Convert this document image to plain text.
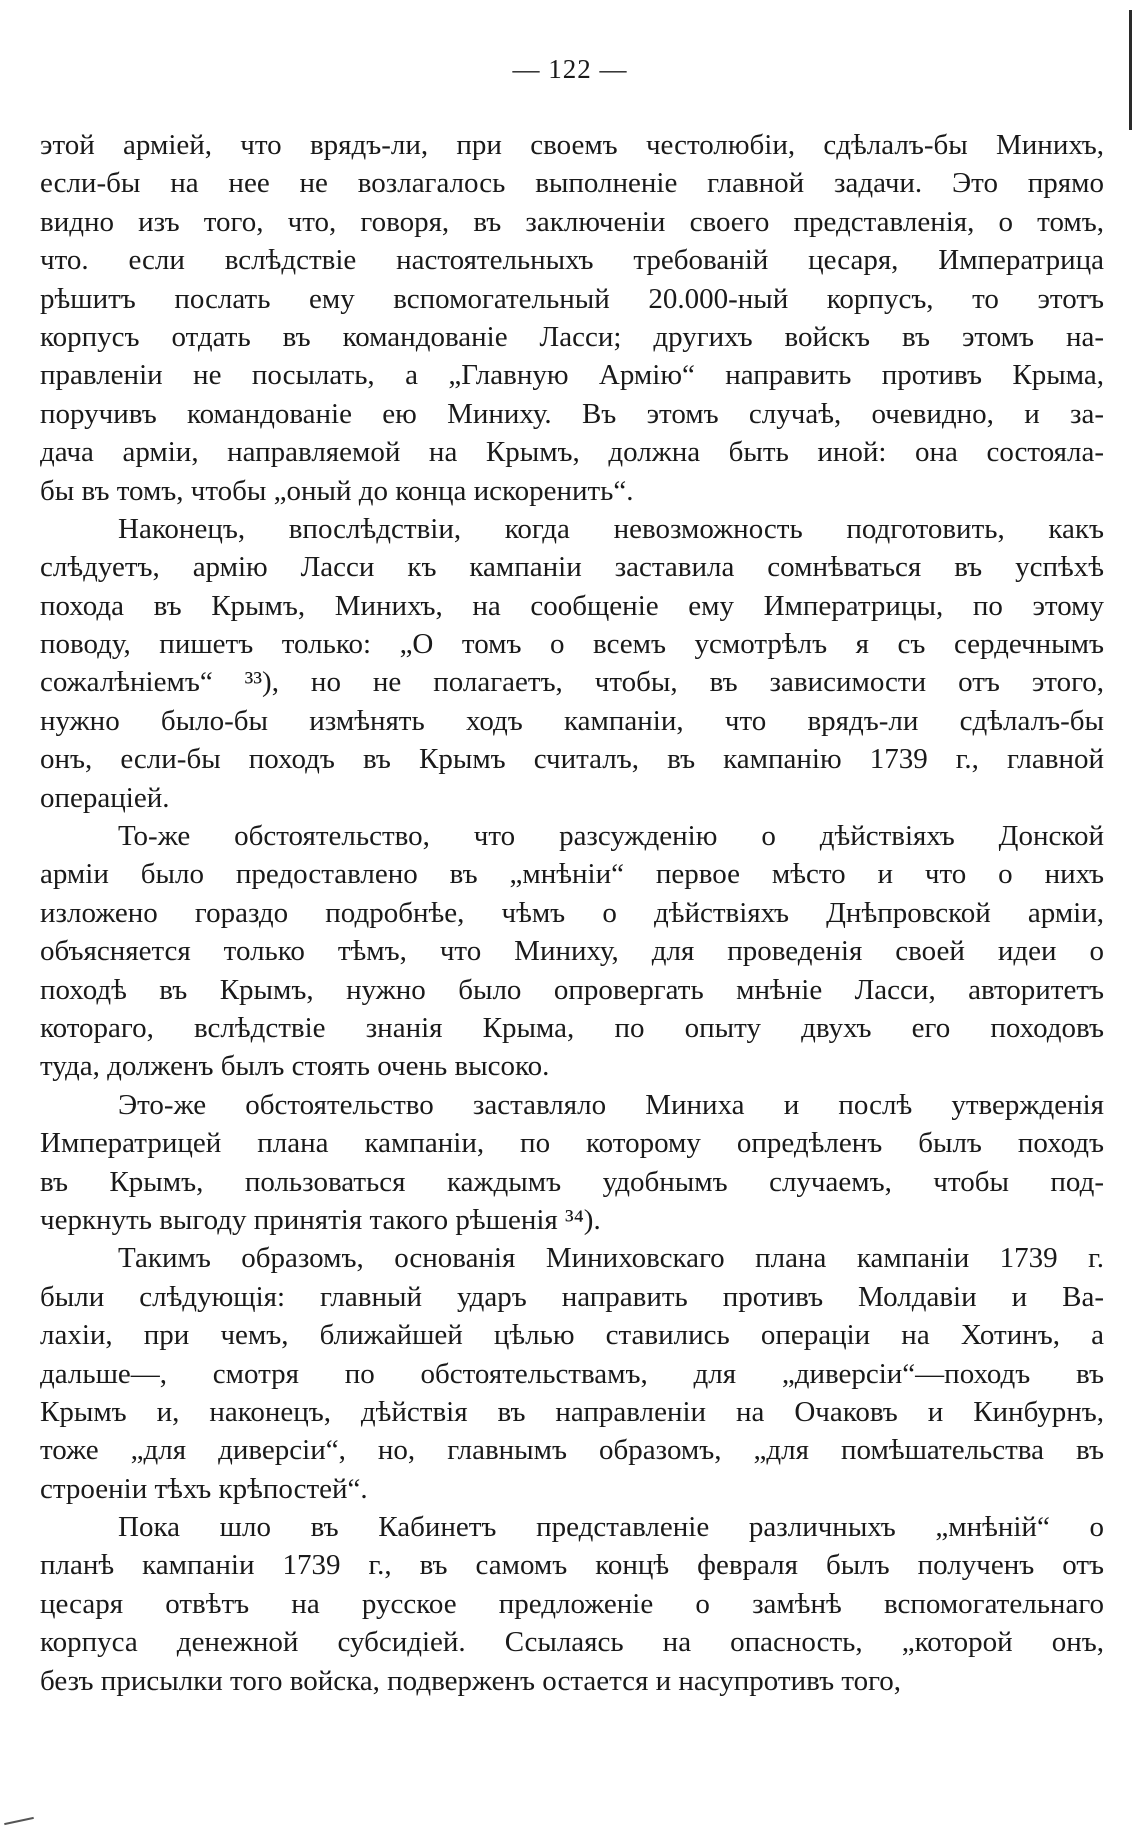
— 122 —
этой арміей, что врядъ-ли, при своемъ честолюбіи, сдѣлалъ-бы Минихъ,
если-бы на нее не возлагалось выполненіе главной задачи. Это прямо
видно изъ того, что, говоря, въ заключеніи своего представленія, о томъ,
что. если вслѣдствіе настоятельныхъ требованій цесаря, Императрица
рѣшитъ послать ему вспомогательный 20.000-ный корпусъ, то этотъ
корпусъ отдать въ командованіе Ласси; другихъ войскъ въ этомъ на-
правленіи не посылать, а „Главную Армію“ направить противъ Крыма,
поручивъ командованіе ею Миниху. Въ этомъ случаѣ, очевидно, и за-
дача арміи, направляемой на Крымъ, должна быть иной: она состояла-
бы въ томъ, чтобы „оный до конца искоренить“.
Наконецъ, впослѣдствіи, когда невозможность подготовить, какъ
слѣдуетъ, армію Ласси къ кампаніи заставила сомнѣваться въ успѣхѣ
похода въ Крымъ, Минихъ, на сообщеніе ему Императрицы, по этому
поводу, пишетъ только: „О томъ о всемъ усмотрѣлъ я съ сердечнымъ
сожалѣніемъ“ ³³), но не полагаетъ, чтобы, въ зависимости отъ этого,
нужно было-бы измѣнять ходъ кампаніи, что врядъ-ли сдѣлалъ-бы
онъ, если-бы походъ въ Крымъ считалъ, въ кампанію 1739 г., главной
операціей.
То-же обстоятельство, что разсужденію о дѣйствіяхъ Донской
арміи было предоставлено въ „мнѣніи“ первое мѣсто и что о нихъ
изложено гораздо подробнѣе, чѣмъ о дѣйствіяхъ Днѣпровской арміи,
объясняется только тѣмъ, что Миниху, для проведенія своей идеи о
походѣ въ Крымъ, нужно было опровергать мнѣніе Ласси, авторитетъ
котораго, вслѣдствіе знанія Крыма, по опыту двухъ его походовъ
туда, долженъ былъ стоять очень высоко.
Это-же обстоятельство заставляло Миниха и послѣ утвержденія
Императрицей плана кампаніи, по которому опредѣленъ былъ походъ
въ Крымъ, пользоваться каждымъ удобнымъ случаемъ, чтобы под-
черкнуть выгоду принятія такого рѣшенія ³⁴).
Такимъ образомъ, основанія Миниховскаго плана кампаніи 1739 г.
были слѣдующія: главный ударъ направить противъ Молдавіи и Ва-
лахіи, при чемъ, ближайшей цѣлью ставились операціи на Хотинъ, а
дальше—, смотря по обстоятельствамъ, для „диверсіи“—походъ въ
Крымъ и, наконецъ, дѣйствія въ направленіи на Очаковъ и Кинбурнъ,
тоже „для диверсіи“, но, главнымъ образомъ, „для помѣшательства въ
строеніи тѣхъ крѣпостей“.
Пока шло въ Кабинетъ представленіе различныхъ „мнѣній“ о
планѣ кампаніи 1739 г., въ самомъ концѣ февраля былъ полученъ отъ
цесаря отвѣтъ на русское предложеніе о замѣнѣ вспомогательнаго
корпуса денежной субсидіей. Ссылаясь на опасность, „которой онъ,
безъ присылки того войска, подверженъ остается и насупротивъ того,
